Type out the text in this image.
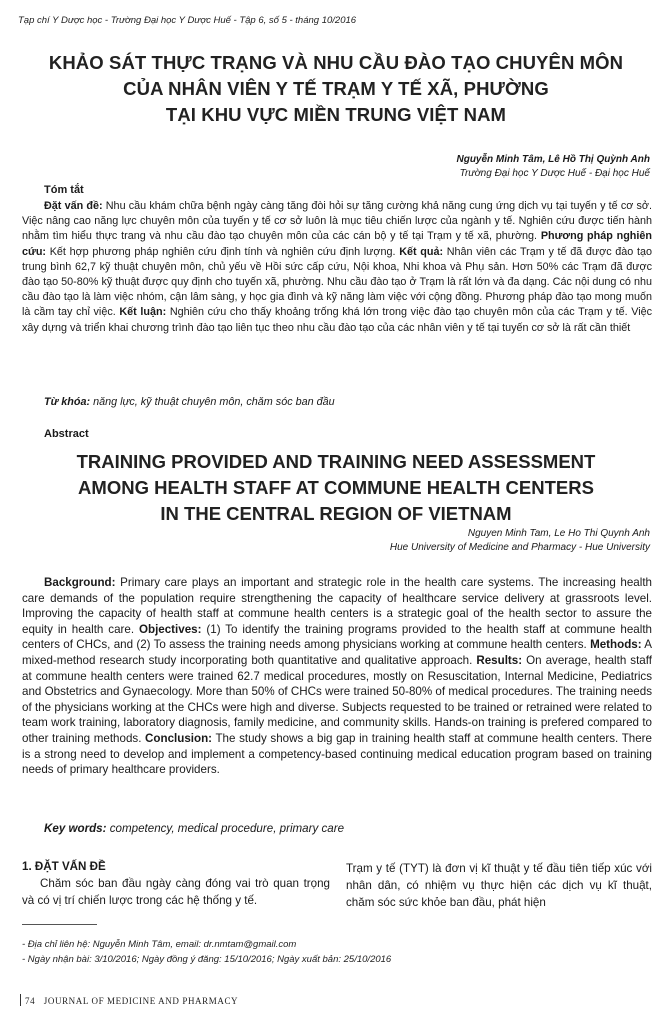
Tạp chí Y Dược học - Trường Đại học Y Dược Huế - Tập 6, số 5 - tháng 10/2016
KHẢO SÁT THỰC TRẠNG VÀ NHU CẦU ĐÀO TẠO CHUYÊN MÔN
CỦA NHÂN VIÊN Y TẾ TRẠM Y TẾ XÃ, PHƯỜNG
TẠI KHU VỰC MIỀN TRUNG VIỆT NAM
Nguyễn Minh Tâm, Lê Hồ Thị Quỳnh Anh
Trường Đại học Y Dược Huế - Đại học Huế
Tóm tắt
Đặt vấn đề: Nhu cầu khám chữa bệnh ngày càng tăng đòi hỏi sự tăng cường khả năng cung ứng dịch vụ tại tuyến y tế cơ sở. Việc nâng cao năng lực chuyên môn của tuyến y tế cơ sở luôn là mục tiêu chiến lược của ngành y tế. Nghiên cứu được tiến hành nhằm tìm hiểu thực trang và nhu cầu đào tạo chuyên môn của các cán bộ y tế tại Trạm y tế xã, phường. Phương pháp nghiên cứu: Kết hợp phương pháp nghiên cứu định tính và nghiên cứu định lượng. Kết quả: Nhân viên các Trạm y tế đã được đào tạo trung bình 62,7 kỹ thuật chuyên môn, chủ yếu về Hồi sức cấp cứu, Nội khoa, Nhi khoa và Phụ sản. Hơn 50% các Trạm đã được đào tạo 50-80% kỹ thuật được quy định cho tuyến xã, phường. Nhu cầu đào tạo ở Trạm là rất lớn và đa dạng. Các nội dung có nhu cầu đào tạo là làm việc nhóm, cận lâm sàng, y học gia đình và kỹ năng làm việc với cộng đồng. Phương pháp đào tạo mong muốn là cầm tay chỉ việc. Kết luận: Nghiên cứu cho thấy khoảng trống khá lớn trong việc đào tạo chuyên môn của các Trạm y tế. Việc xây dựng và triển khai chương trình đào tạo liên tục theo nhu cầu đào tạo của các nhân viên y tế tại tuyến cơ sở là rất cần thiết
Từ khóa: năng lực, kỹ thuật chuyên môn, chăm sóc ban đầu
Abstract
TRAINING PROVIDED AND TRAINING NEED ASSESSMENT
AMONG HEALTH STAFF AT COMMUNE HEALTH CENTERS
IN THE CENTRAL REGION OF VIETNAM
Nguyen Minh Tam, Le Ho Thi Quynh Anh
Hue University of Medicine and Pharmacy - Hue University
Background: Primary care plays an important and strategic role in the health care systems. The increasing health care demands of the population require strengthening the capacity of healthcare service delivery at grassroots level. Improving the capacity of health staff at commune health centers is a strategic goal of the health sector to assure the equity in health care. Objectives: (1) To identify the training programs provided to the health staff at commune health centers of CHCs, and (2) To assess the training needs among physicians working at commune health centers. Methods: A mixed-method research study incorporating both quantitative and qualitative approach. Results: On average, health staff at commune health centers were trained 62.7 medical procedures, mostly on Resuscitation, Internal Medicine, Pediatrics and Obstetrics and Gynaecology. More than 50% of CHCs were trained 50-80% of medical procedures. The training needs of the physicians working at the CHCs were high and diverse. Subjects requested to be trained or retrained were related to team work training, laboratory diagnosis, family medicine, and community skills. Hands-on training is prefered compared to other training methods. Conclusion: The study shows a big gap in training health staff at commune health centers. There is a strong need to develop and implement a competency-based continuing medical education program based on training needs of primary healthcare providers.
Key words: competency, medical procedure, primary care
1. ĐẶT VẤN ĐỀ
Chăm sóc ban đầu ngày càng đóng vai trò quan trọng và có vị trí chiến lược trong các hệ thống y tế.
Trạm y tế (TYT) là đơn vị kĩ thuật y tế đầu tiên tiếp xúc với nhân dân, có nhiệm vụ thực hiện các dịch vụ kĩ thuật, chăm sóc sức khỏe ban đầu, phát hiện
- Địa chỉ liên hệ: Nguyễn Minh Tâm, email: dr.nmtam@gmail.com
- Ngày nhận bài: 3/10/2016; Ngày đồng ý đăng: 15/10/2016; Ngày xuất bản: 25/10/2016
74 JOURNAL OF MEDICINE AND PHARMACY
